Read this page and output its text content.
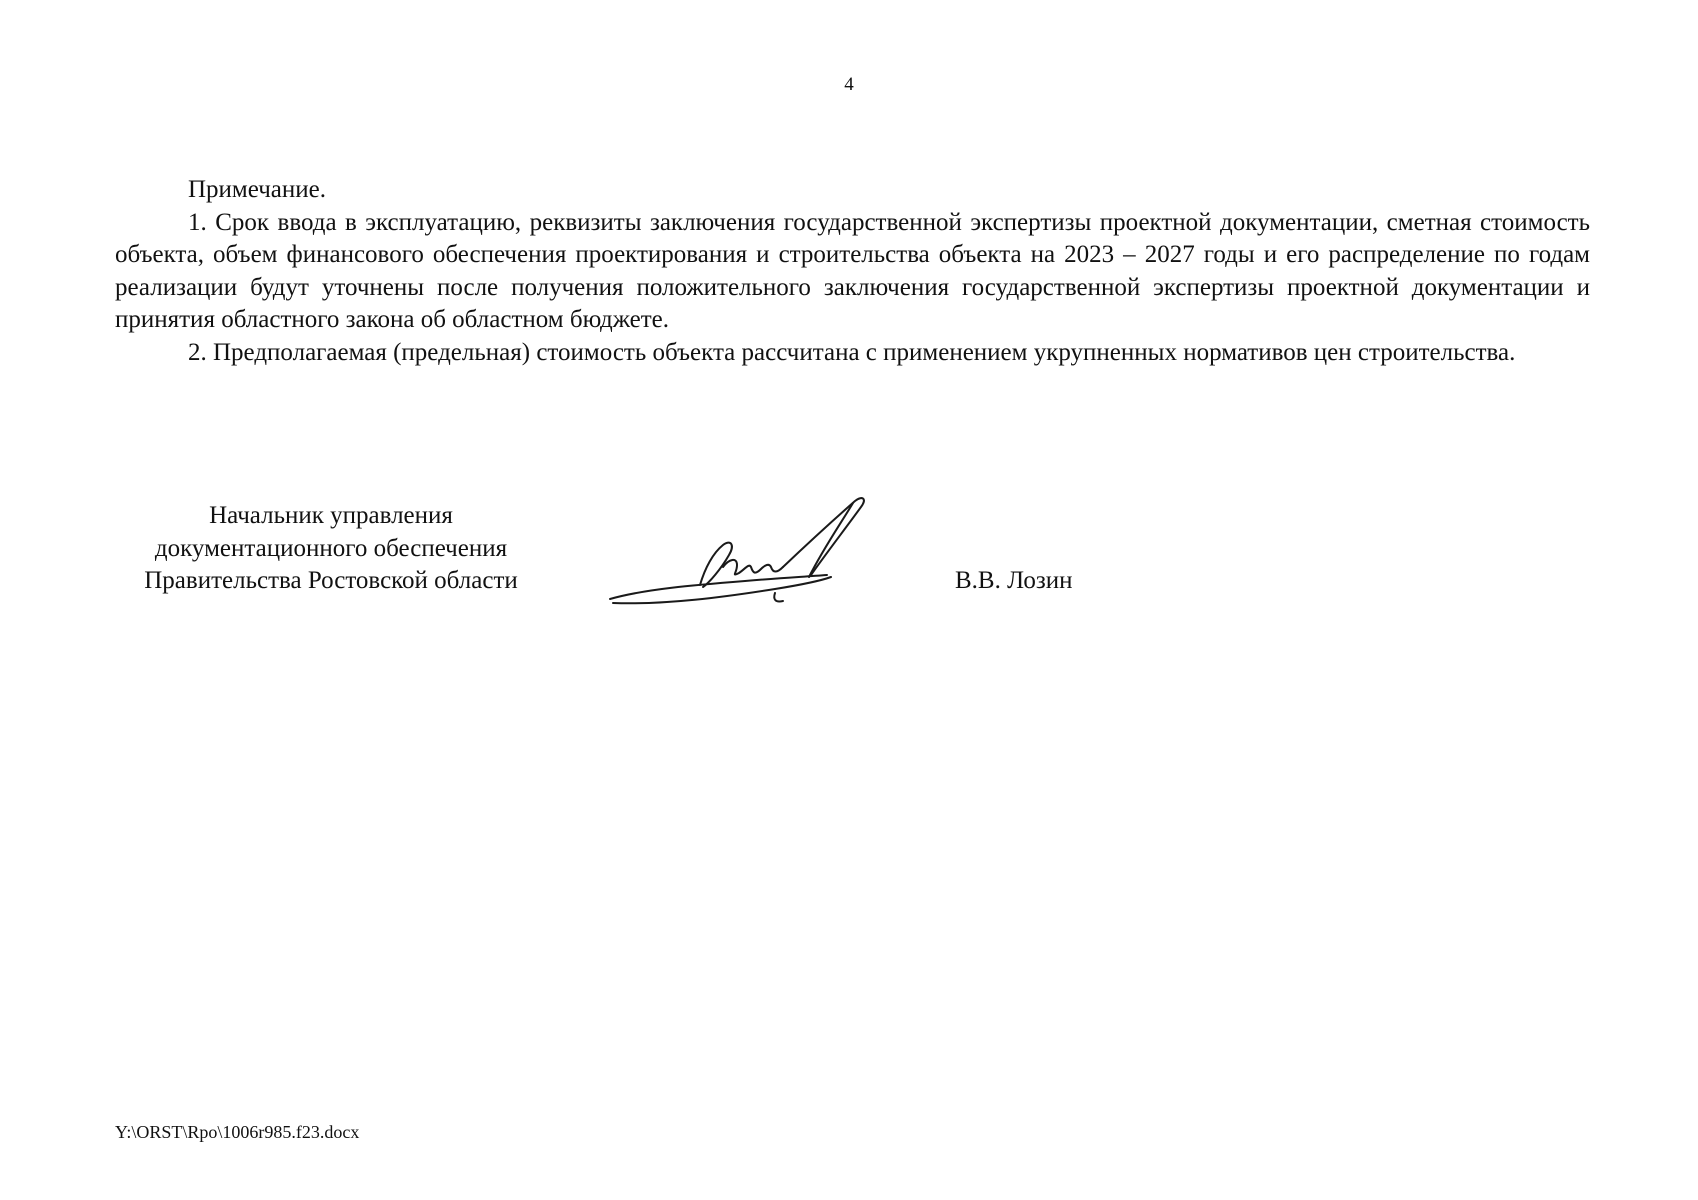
4

Примечание.

1. Срок ввода в эксплуатацию, реквизиты заключения государственной экспертизы проектной документации, сметная стоимость объекта, объем финансового обеспечения проектирования и строительства объекта на 2023 – 2027 годы и его распределение по годам реализации будут уточнены после получения положительного заключения государственной экспертизы проектной документации и принятия областного закона об областном бюджете.

2. Предполагаемая (предельная) стоимость объекта рассчитана с применением укрупненных нормативов цен строительства.

Начальник управления
документационного обеспечения
Правительства Ростовской области	В.В. Лозин
Y:\ORST\Rpo\1006r985.f23.docx
